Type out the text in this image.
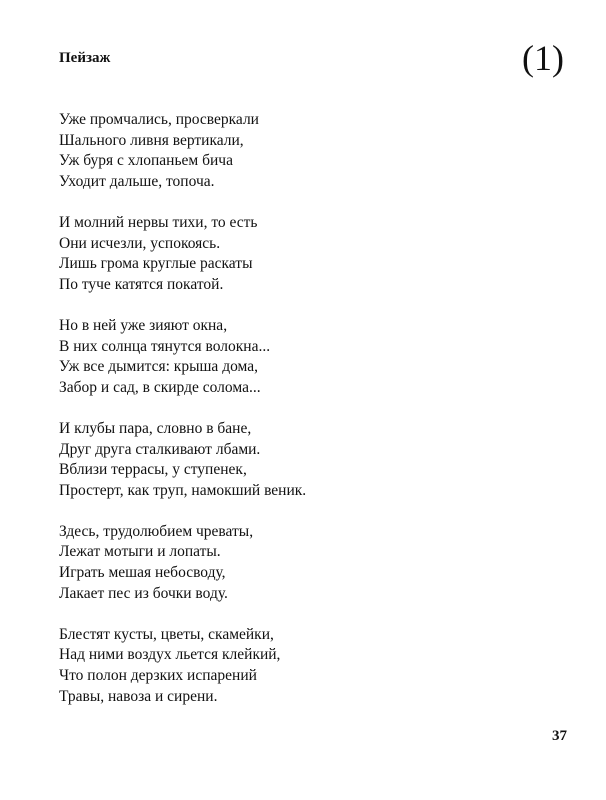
Пейзаж	(1)
Уже промчались, просверкали
Шального ливня вертикали,
Уж буря с хлопаньем бича
Уходит дальше, топоча.
И молний нервы тихи, то есть
Они исчезли, успокоясь.
Лишь грома круглые раскаты
По туче катятся покатой.
Но в ней уже зияют окна,
В них солнца тянутся волокна...
Уж все дымится: крыша дома,
Забор и сад, в скирде солома...
И клубы пара, словно в бане,
Друг друга сталкивают лбами.
Вблизи террасы, у ступенек,
Простерт, как труп, намокший веник.
Здесь, трудолюбием чреваты,
Лежат мотыги и лопаты.
Играть мешая небосводу,
Лакает пес из бочки воду.
Блестят кусты, цветы, скамейки,
Над ними воздух льется клейкий,
Что полон дерзких испарений
Травы, навоза и сирени.
37
